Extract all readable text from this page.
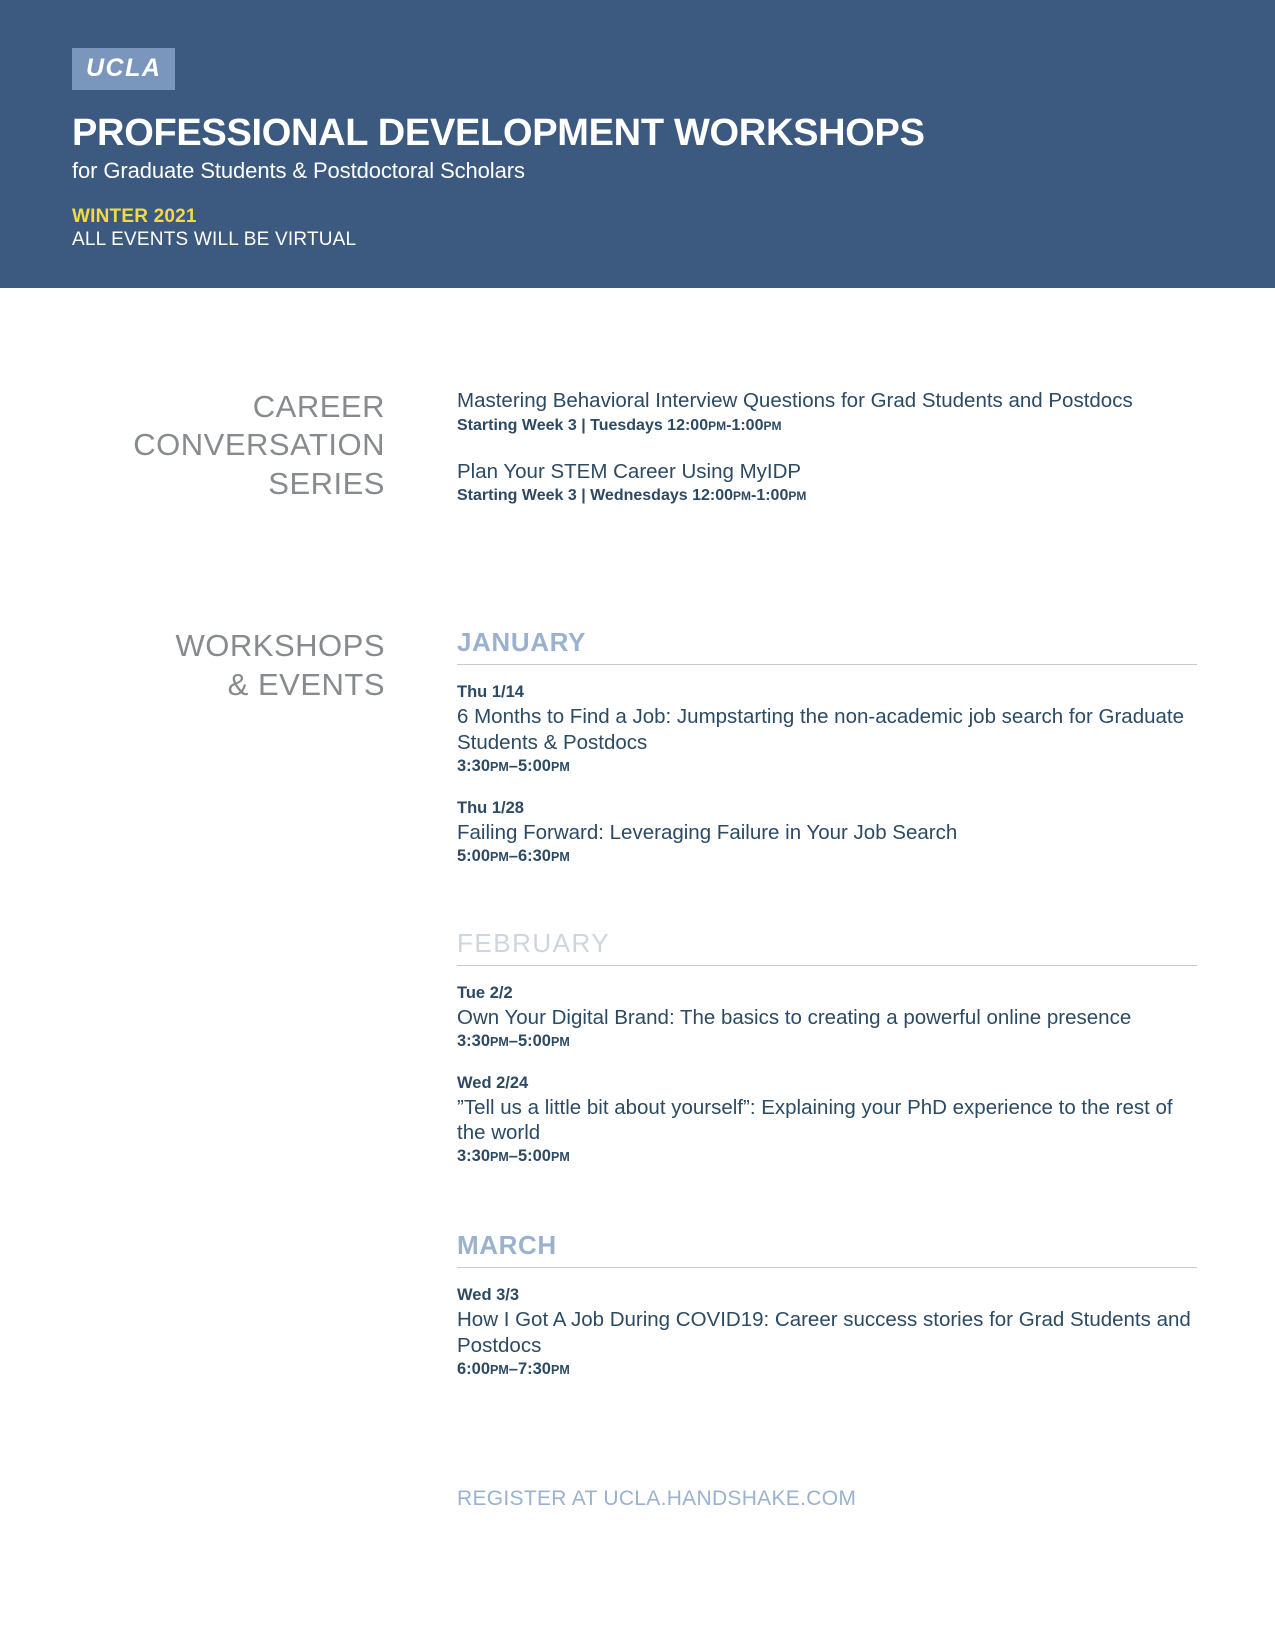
UCLA
PROFESSIONAL DEVELOPMENT WORKSHOPS
for Graduate Students & Postdoctoral Scholars
WINTER 2021
ALL EVENTS WILL BE VIRTUAL
CAREER
CONVERSATION
SERIES
Mastering Behavioral Interview Questions for Grad Students and Postdocs
Starting Week 3 | Tuesdays 12:00PM-1:00PM
Plan Your STEM Career Using MyIDP
Starting Week 3 | Wednesdays 12:00PM-1:00PM
WORKSHOPS
& EVENTS
JANUARY
Thu 1/14
6 Months to Find a Job: Jumpstarting the non-academic job search for Graduate Students & Postdocs
3:30PM–5:00PM
Thu 1/28
Failing Forward: Leveraging Failure in Your Job Search
5:00PM–6:30PM
FEBRUARY
Tue 2/2
Own Your Digital Brand: The basics to creating a powerful online presence
3:30PM–5:00PM
Wed 2/24
”Tell us a little bit about yourself”: Explaining your PhD experience to the rest of the world
3:30PM–5:00PM
MARCH
Wed 3/3
How I Got A Job During COVID19: Career success stories for Grad Students and Postdocs
6:00PM–7:30PM
REGISTER AT UCLA.HANDSHAKE.COM
